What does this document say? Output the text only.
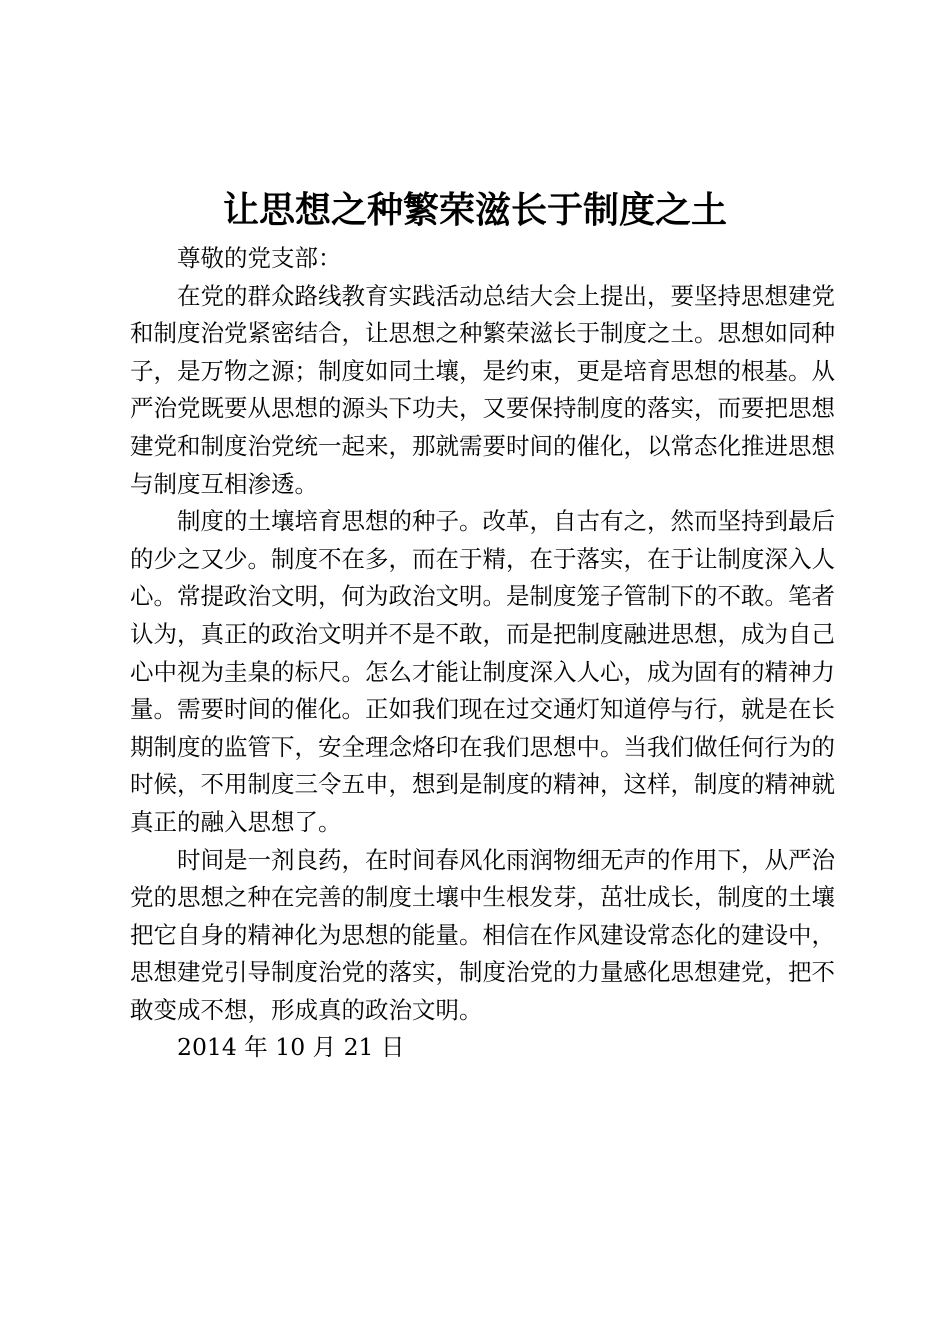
让思想之种繁荣滋长于制度之土
尊敬的党支部：

在党的群众路线教育实践活动总结大会上提出，要坚持思想建党和制度治党紧密结合，让思想之种繁荣滋长于制度之土。思想如同种子，是万物之源；制度如同土壤，是约束，更是培育思想的根基。从严治党既要从思想的源头下功夫，又要保持制度的落实，而要把思想建党和制度治党统一起来，那就需要时间的催化，以常态化推进思想与制度互相渗透。

制度的土壤培育思想的种子。改革，自古有之，然而坚持到最后的少之又少。制度不在多，而在于精，在于落实，在于让制度深入人心。常提政治文明，何为政治文明。是制度笼子管制下的不敢。笔者认为，真正的政治文明并不是不敢，而是把制度融进思想，成为自己心中视为圭臬的标尺。怎么才能让制度深入人心，成为固有的精神力量。需要时间的催化。正如我们现在过交通灯知道停与行，就是在长期制度的监管下，安全理念烙印在我们思想中。当我们做任何行为的时候，不用制度三令五申，想到是制度的精神，这样，制度的精神就真正的融入思想了。

时间是一剂良药，在时间春风化雨润物细无声的作用下，从严治党的思想之种在完善的制度土壤中生根发芽，茁壮成长，制度的土壤把它自身的精神化为思想的能量。相信在作风建设常态化的建设中，思想建党引导制度治党的落实，制度治党的力量感化思想建党，把不敢变成不想，形成真的政治文明。

2014 年 10 月 21 日
